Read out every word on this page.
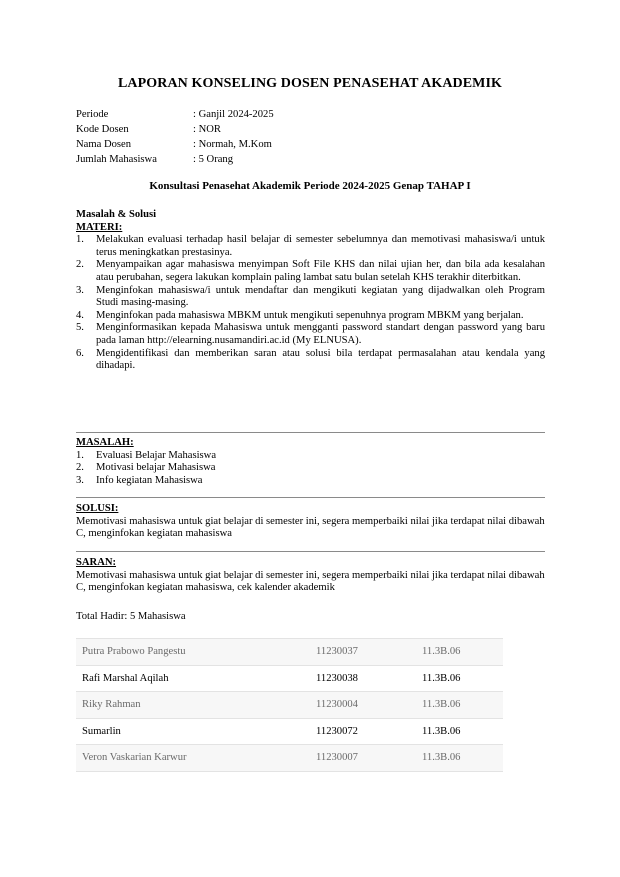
LAPORAN KONSELING DOSEN PENASEHAT AKADEMIK
Periode	: Ganjil 2024-2025
Kode Dosen	: NOR
Nama Dosen	: Normah, M.Kom
Jumlah Mahasiswa	: 5 Orang
Konsultasi Penasehat Akademik Periode 2024-2025 Genap TAHAP I
Masalah & Solusi
MATERI:
1.	Melakukan evaluasi terhadap hasil belajar di semester sebelumnya dan memotivasi mahasiswa/i untuk terus meningkatkan prestasinya.
2.	Menyampaikan agar mahasiswa menyimpan Soft File KHS dan nilai ujian her, dan bila ada kesalahan atau perubahan, segera lakukan komplain paling lambat satu bulan setelah KHS terakhir diterbitkan.
3.	Menginfokan mahasiswa/i untuk mendaftar dan mengikuti kegiatan yang dijadwalkan oleh Program Studi masing-masing.
4.	Menginfokan pada mahasiswa MBKM untuk mengikuti sepenuhnya program MBKM yang berjalan.
5.	Menginformasikan kepada Mahasiswa untuk mengganti password standart dengan password yang baru pada laman http://elearning.nusamandiri.ac.id (My ELNUSA).
6.	Mengidentifikasi dan memberikan saran atau solusi bila terdapat permasalahan atau kendala yang dihadapi.
MASALAH:
1.	Evaluasi Belajar Mahasiswa
2.	Motivasi belajar Mahasiswa
3.	Info kegiatan Mahasiswa
SOLUSI:
Memotivasi mahasiswa untuk giat belajar di semester ini, segera memperbaiki nilai jika terdapat nilai dibawah C, menginfokan kegiatan mahasiswa
SARAN:
Memotivasi mahasiswa untuk giat belajar di semester ini, segera memperbaiki nilai jika terdapat nilai dibawah C, menginfokan kegiatan mahasiswa, cek kalender akademik
Total Hadir: 5 Mahasiswa
Putra Prabowo Pangestu	11230037	11.3B.06
Rafi Marshal Aqilah	11230038	11.3B.06
Riky Rahman	11230004	11.3B.06
Sumarlin	11230072	11.3B.06
Veron Vaskarian Karwur	11230007	11.3B.06
